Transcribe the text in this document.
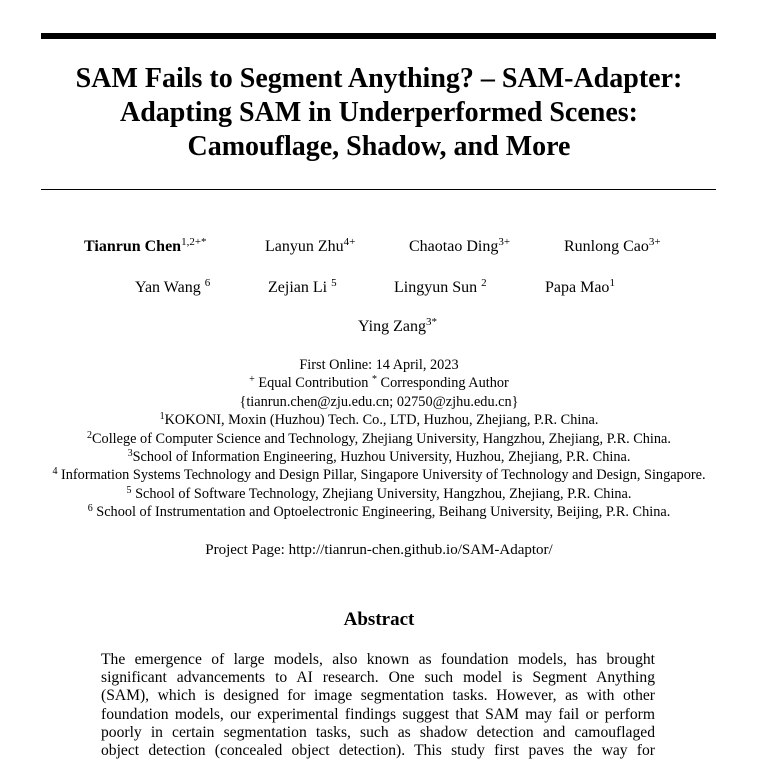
SAM Fails to Segment Anything? – SAM-Adapter:
Adapting SAM in Underperformed Scenes:
Camouflage, Shadow, and More
Tianrun Chen$^{1,2+*}$	Lanyun Zhu$^{4+}$	Chaotao Ding$^{3+}$	Runlong Cao$^{3+}$
Yan Wang $^6$	Zejian Li $^5$	Lingyun Sun $^2$	Papa Mao$^1$
Ying Zang$^{3*}$
First Online: 14 April, 2023
+ Equal Contribution * Corresponding Author
{tianrun.chen@zju.edu.cn; 02750@zjhu.edu.cn}
$^1$KOKONI, Moxin (Huzhou) Tech. Co., LTD, Huzhou, Zhejiang, P.R. China.
$^2$College of Computer Science and Technology, Zhejiang University, Hangzhou, Zhejiang, P.R. China.
$^3$School of Information Engineering, Huzhou University, Huzhou, Zhejiang, P.R. China.
$^4$ Information Systems Technology and Design Pillar, Singapore University of Technology and Design, Singapore.
$^5$ School of Software Technology, Zhejiang University, Hangzhou, Zhejiang, P.R. China.
$^6$ School of Instrumentation and Optoelectronic Engineering, Beihang University, Beijing, P.R. China.
Project Page: http://tianrun-chen.github.io/SAM-Adaptor/
Abstract
The emergence of large models, also known as foundation models, has brought
significant advancements to AI research. One such model is Segment Anything
(SAM), which is designed for image segmentation tasks. However, as with other
foundation models, our experimental findings suggest that SAM may fail or perform
poorly in certain segmentation tasks, such as shadow detection and camouflaged
object detection (concealed object detection). This study first paves the way for
